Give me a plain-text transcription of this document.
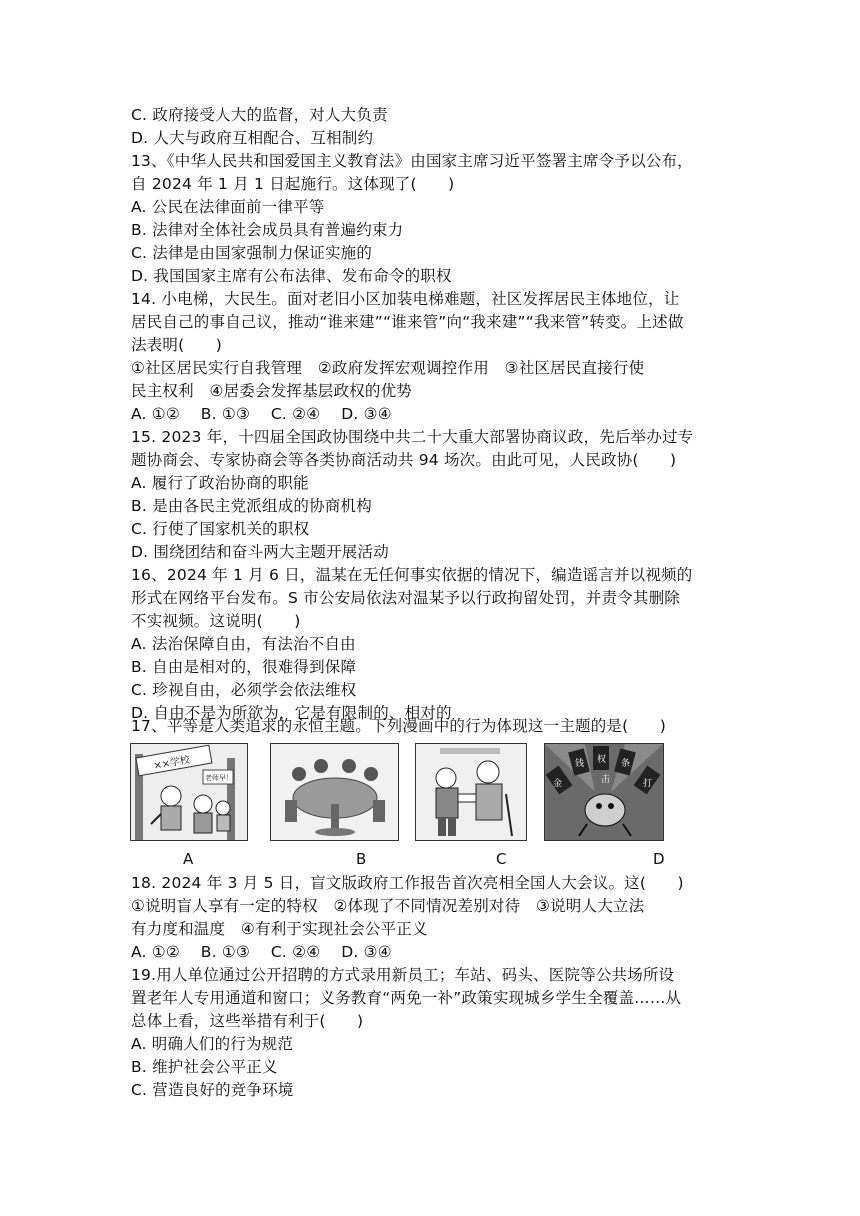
C. 政府接受人大的监督，对人大负责
D. 人大与政府互相配合、互相制约
13、《中华人民共和国爱国主义教育法》由国家主席习近平签署主席令予以公布，
自 2024 年 1 月 1 日起施行。这体现了(　　)
A. 公民在法律面前一律平等
B. 法律对全体社会成员具有普遍约束力
C. 法律是由国家强制力保证实施的
D. 我国国家主席有公布法律、发布命令的职权
14. 小电梯，大民生。面对老旧小区加装电梯难题，社区发挥居民主体地位，让
居民自己的事自己议，推动“谁来建”“谁来管”向“我来建”“我来管”转变。上述做
法表明(　　)
①社区居民实行自我管理　②政府发挥宏观调控作用　③社区居民直接行使
民主权利　④居委会发挥基层政权的优势
A. ①②　 B. ①③　 C. ②④　 D. ③④
15. 2023 年，十四届全国政协围绕中共二十大重大部署协商议政，先后举办过专
题协商会、专家协商会等各类协商活动共 94 场次。由此可见，人民政协(　　)
A. 履行了政治协商的职能
B. 是由各民主党派组成的协商机构
C. 行使了国家机关的职权
D. 围绕团结和奋斗两大主题开展活动
16、2024 年 1 月 6 日，温某在无任何事实依据的情况下，编造谣言并以视频的
形式在网络平台发布。S 市公安局依法对温某予以行政拘留处罚，并责令其删除
不实视频。这说明(　　)
A. 法治保障自由，有法治不自由
B. 自由是相对的，很难得到保障
C. 珍视自由，必须学会依法维权
D. 自由不是为所欲为，它是有限制的、相对的
17、平等是人类追求的永恒主题。下列漫画中的行为体现这一主题的是(　　)
××学校
老师早！
金
钱 权 条
打
击
A	B	C	D
18. 2024 年 3 月 5 日，盲文版政府工作报告首次亮相全国人大会议。这(　　)
①说明盲人享有一定的特权　②体现了不同情况差别对待　③说明人大立法
有力度和温度　④有利于实现社会公平正义
A. ①②　 B. ①③　 C. ②④　 D. ③④
19.用人单位通过公开招聘的方式录用新员工；车站、码头、医院等公共场所设
置老年人专用通道和窗口；义务教育“两免一补”政策实现城乡学生全覆盖……从
总体上看，这些举措有利于(　　)
A. 明确人们的行为规范
B. 维护社会公平正义
C. 营造良好的竞争环境
